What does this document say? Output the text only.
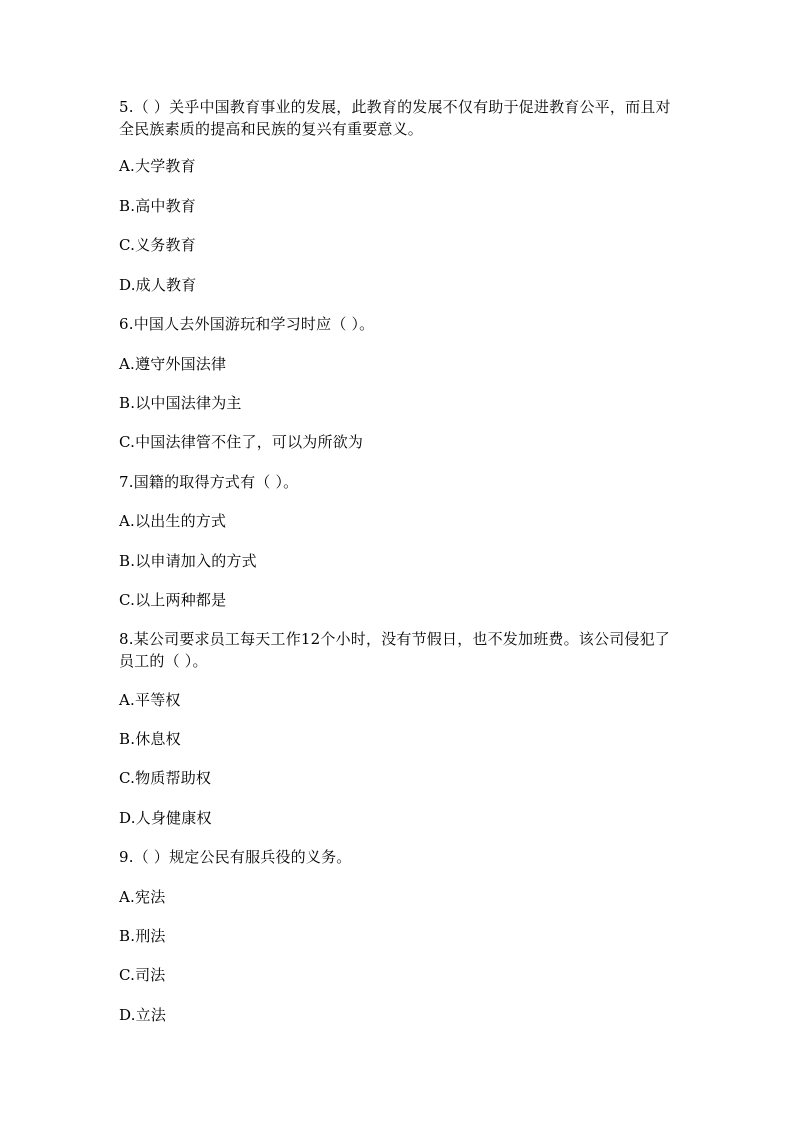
5.（ ）关乎中国教育事业的发展，此教育的发展不仅有助于促进教育公平，而且对全民族素质的提高和民族的复兴有重要意义。
A.大学教育
B.高中教育
C.义务教育
D.成人教育
6.中国人去外国游玩和学习时应（ ）。
A.遵守外国法律
B.以中国法律为主
C.中国法律管不住了，可以为所欲为
7.国籍的取得方式有（ ）。
A.以出生的方式
B.以申请加入的方式
C.以上两种都是
8.某公司要求员工每天工作12个小时，没有节假日，也不发加班费。该公司侵犯了员工的（ ）。
A.平等权
B.休息权
C.物质帮助权
D.人身健康权
9.（ ）规定公民有服兵役的义务。
A.宪法
B.刑法
C.司法
D.立法
